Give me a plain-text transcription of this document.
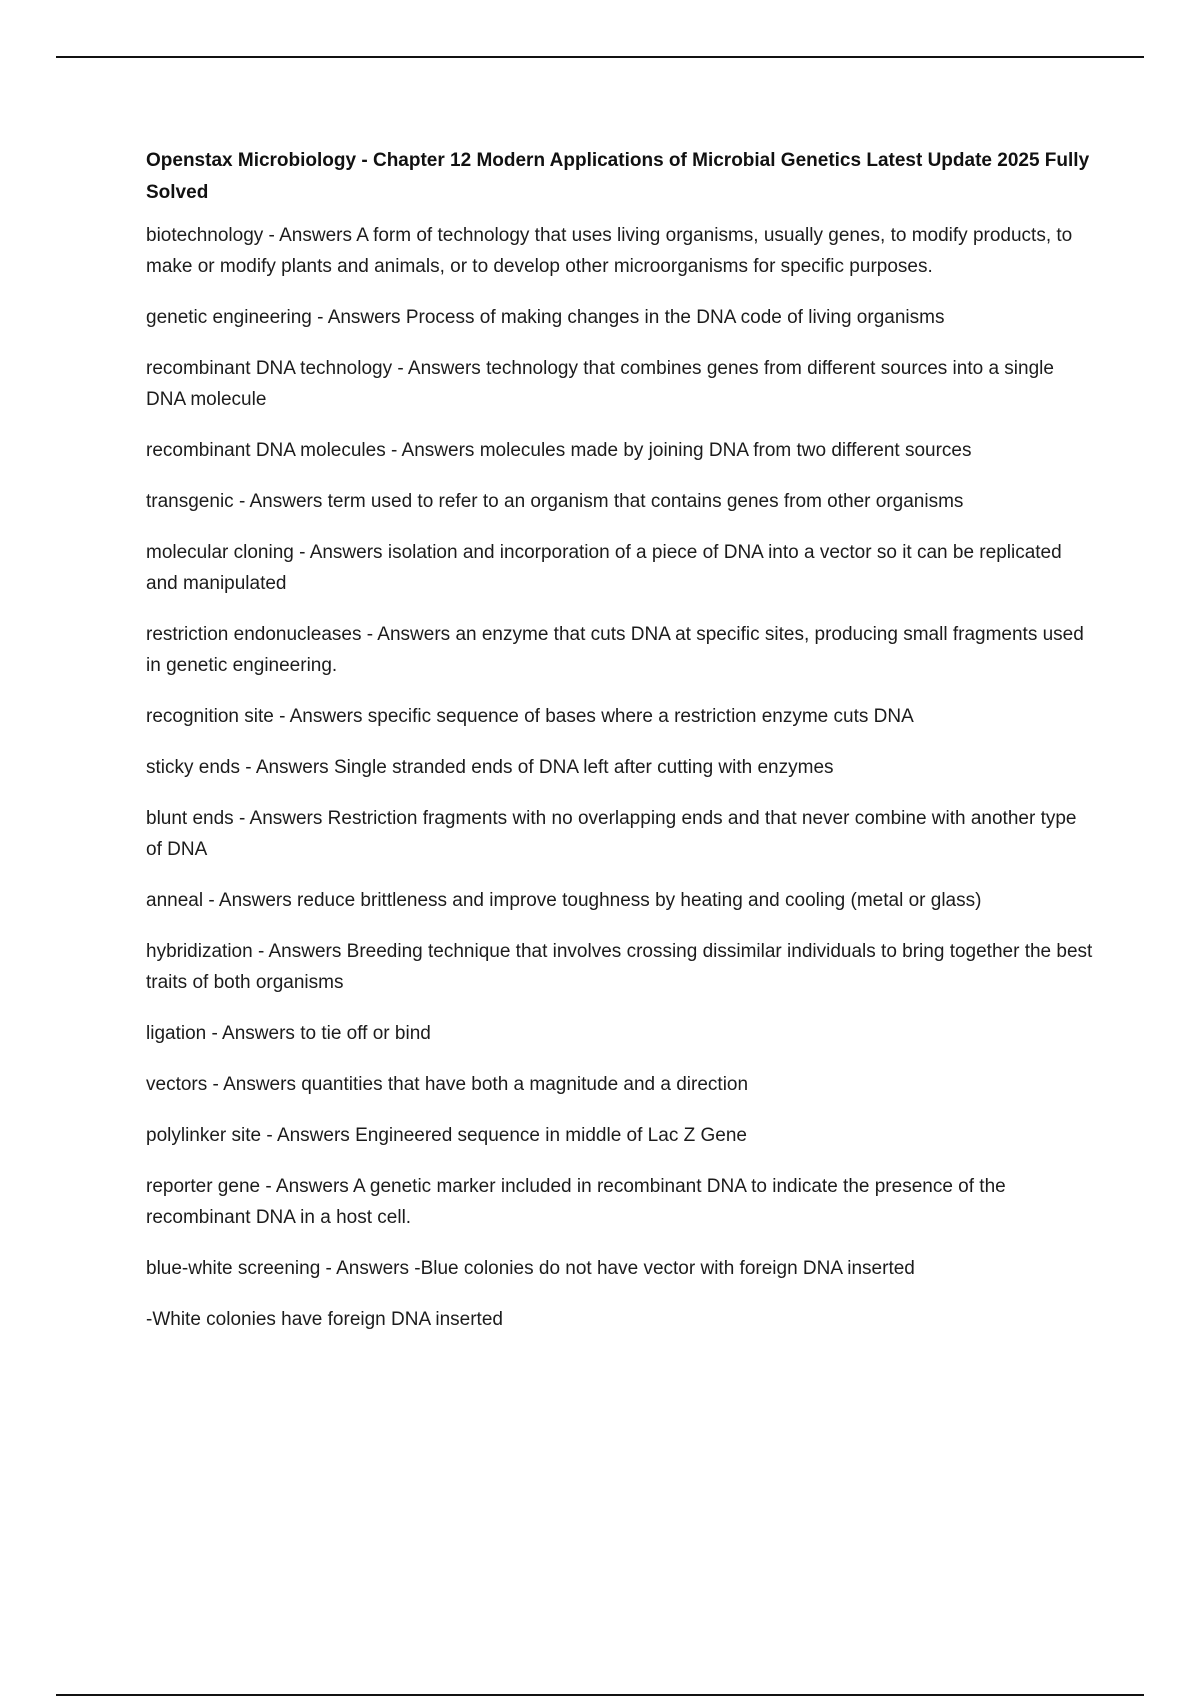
Openstax Microbiology - Chapter 12 Modern Applications of Microbial Genetics Latest Update 2025 Fully Solved
biotechnology - Answers A form of technology that uses living organisms, usually genes, to modify products, to make or modify plants and animals, or to develop other microorganisms for specific purposes.
genetic engineering - Answers Process of making changes in the DNA code of living organisms
recombinant DNA technology - Answers technology that combines genes from different sources into a single DNA molecule
recombinant DNA molecules - Answers molecules made by joining DNA from two different sources
transgenic - Answers term used to refer to an organism that contains genes from other organisms
molecular cloning - Answers isolation and incorporation of a piece of DNA into a vector so it can be replicated and manipulated
restriction endonucleases - Answers an enzyme that cuts DNA at specific sites, producing small fragments used in genetic engineering.
recognition site - Answers specific sequence of bases where a restriction enzyme cuts DNA
sticky ends - Answers Single stranded ends of DNA left after cutting with enzymes
blunt ends - Answers Restriction fragments with no overlapping ends and that never combine with another type of DNA
anneal - Answers reduce brittleness and improve toughness by heating and cooling (metal or glass)
hybridization - Answers Breeding technique that involves crossing dissimilar individuals to bring together the best traits of both organisms
ligation - Answers to tie off or bind
vectors - Answers quantities that have both a magnitude and a direction
polylinker site - Answers Engineered sequence in middle of Lac Z Gene
reporter gene - Answers A genetic marker included in recombinant DNA to indicate the presence of the recombinant DNA in a host cell.
blue-white screening - Answers -Blue colonies do not have vector with foreign DNA inserted
-White colonies have foreign DNA inserted
